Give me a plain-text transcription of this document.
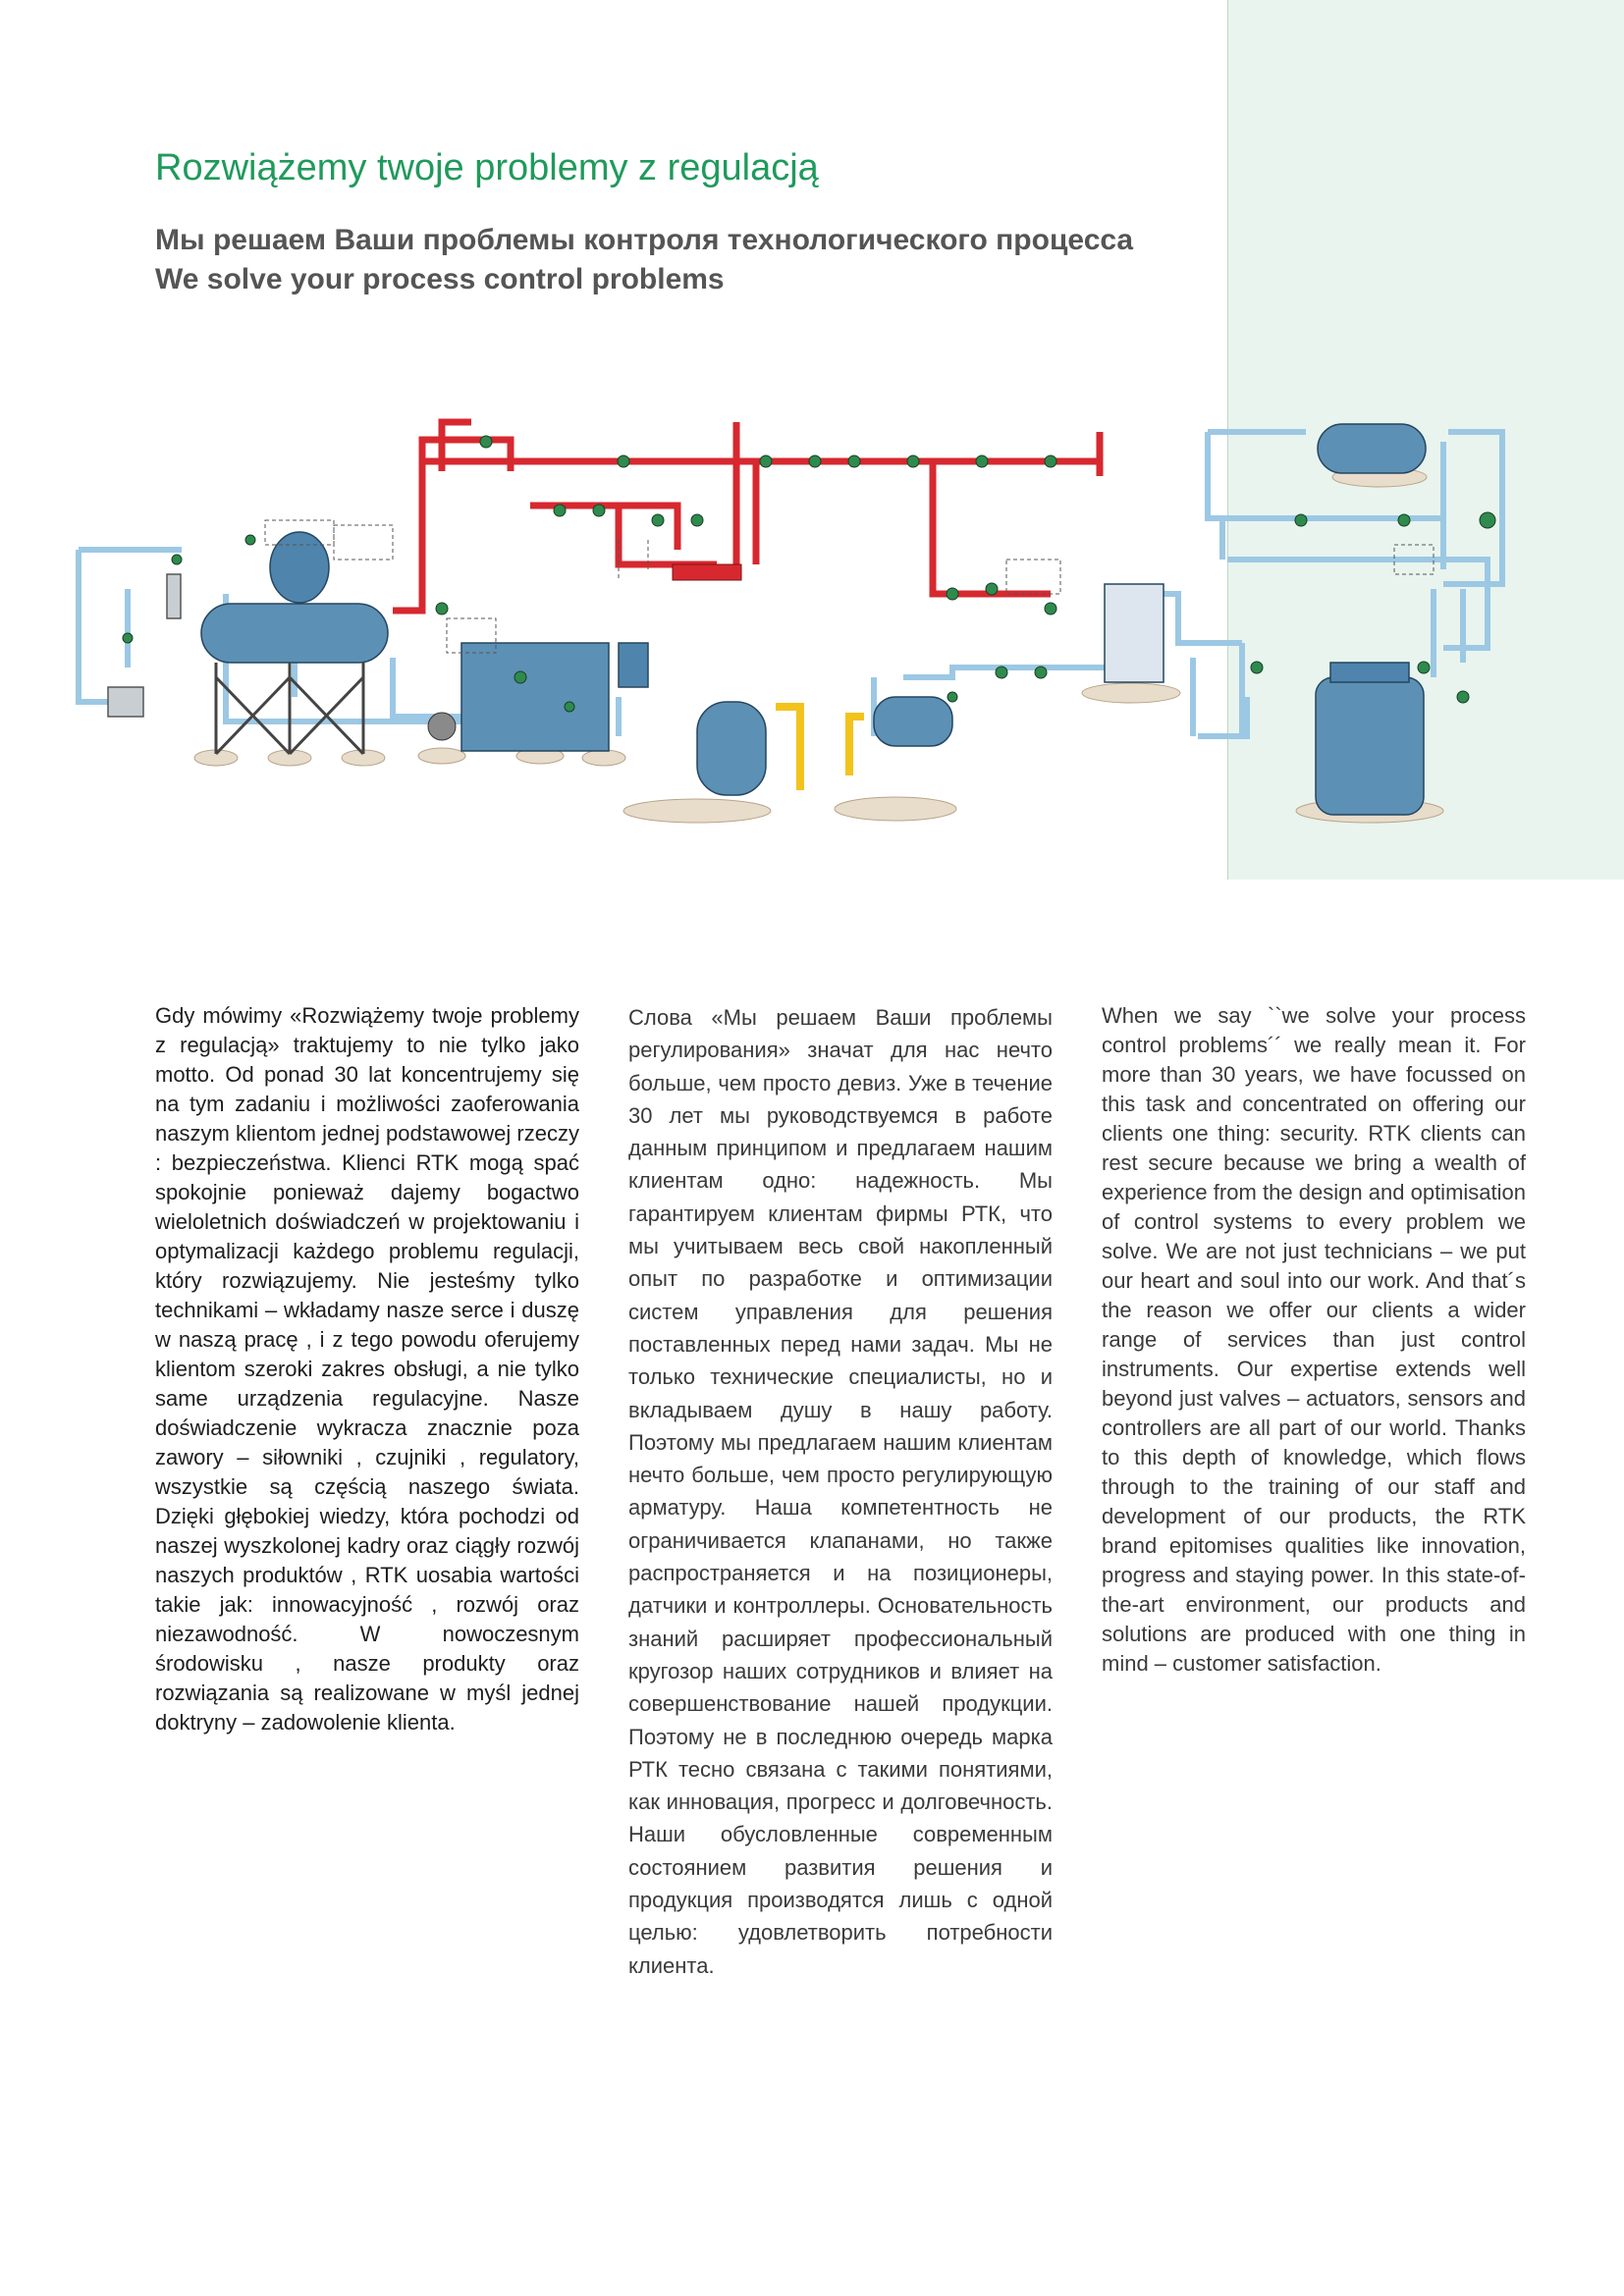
Rozwiążemy twoje problemy z regulacją
Мы решаем Ваши проблемы контроля технологического процесса
We solve your process control problems

Gdy mówimy «Rozwiążemy twoje problemy z regulacją» traktujemy to nie tylko jako motto. Od ponad 30 lat koncentrujemy się na tym zadaniu i możliwości zaoferowania naszym klientom jednej podstawowej rzeczy : bezpieczeństwa. Klienci RTK mogą spać spokojnie ponieważ dajemy bogactwo wieloletnich doświadczeń w projektowaniu i optymalizacji każdego problemu regulacji, który rozwiązujemy. Nie jesteśmy tylko technikami – wkładamy nasze serce i duszę w naszą pracę , i z tego powodu oferujemy klientom szeroki zakres obsługi, a nie tylko same urządzenia regulacyjne. Nasze doświadczenie wykracza znacznie poza zawory – siłowniki , czujniki , regulatory, wszystkie są częścią naszego świata. Dzięki głębokiej wiedzy, która pochodzi od naszej wyszkolonej kadry oraz ciągły rozwój naszych produktów , RTK uosabia wartości takie jak: innowacyjność , rozwój oraz niezawodność. W nowoczesnym środowisku , nasze produkty oraz rozwiązania są realizowane w myśl jednej doktryny – zadowolenie klienta.

Слова «Мы решаем Ваши проблемы регулирования» значат для нас нечто больше, чем просто девиз. Уже в течение 30 лет мы руководствуемся в работе данным принципом и предлагаем нашим клиентам одно: надежность. Мы гарантируем клиентам фирмы РТК, что мы учитываем весь свой накопленный опыт по разработке и оптимизации систем управления для решения поставленных перед нами задач. Мы не только технические специалисты, но и вкладываем душу в нашу работу. Поэтому мы предлагаем нашим клиентам нечто больше, чем просто регулирующую арматуру. Наша компетентность не ограничивается клапанами, но также распространяется и на позиционеры, датчики и контроллеры. Основательность знаний расширяет профессиональный кругозор наших сотрудников и влияет на совершенствование нашей продукции. Поэтому не в последнюю очередь марка РТК тесно связана с такими понятиями, как инновация, прогресс и долговечность. Наши обусловленные современным состоянием развития решения и продукция производятся лишь с одной целью: удовлетворить потребности клиента.

When we say ``we solve your process control problems´´ we really mean it. For more than 30 years, we have focussed on this task and concentrated on offering our clients one thing: security. RTK clients can rest secure because we bring a wealth of experience from the design and optimisation of control systems to every problem we solve. We are not just technicians – we put our heart and soul into our work. And that´s the reason we offer our clients a wider range of services than just control instruments. Our expertise extends well beyond just valves – actuators, sensors and controllers are all part of our world. Thanks to this depth of knowledge, which flows through to the training of our staff and development of our products, the RTK brand epitomises qualities like innovation, progress and staying power. In this state-of-the-art environment, our products and solutions are produced with one thing in mind – customer satisfaction.
